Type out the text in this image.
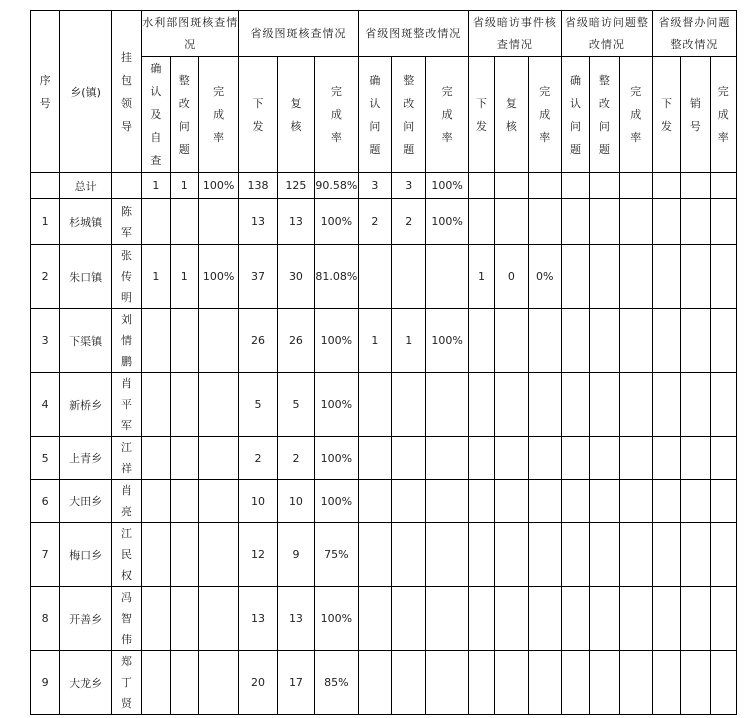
序
号	乡(镇)	挂
包
领
导	水利部图斑核查情况			省级图斑核查情况			省级图斑整改情况			省级暗访事件核查情况			省级暗访问题整改情况			省级督办问题 整改情况		
			确
认
及
自
查	整
改
问
题	完
成
率	下
发	复
核	完
成
率	确
认
问
题	整
改
问
题	完
成
率	下
发	复
核	完
成
率	确
认
问
题	整
改
问
题	完
成
率	下
发	销
号	完
成
率
	总计		1	1	100%	138	125	90.58%	3	3	100%									
1	杉城镇	陈
军				13	13	100%	2	2	100%									
2	朱口镇	张
传
明	1	1	100%	37	30	81.08%				1	0	0%						
3	下渠镇	刘
情
鹏				26	26	100%	1	1	100%									
4	新桥乡	肖
平
军				5	5	100%												
5	上青乡	江
祥				2	2	100%												
6	大田乡	肖
亮				10	10	100%												
7	梅口乡	江
民
权				12	9	75%												
8	开善乡	冯
智
伟				13	13	100%												
9	大龙乡	郑
丁
贤				20	17	85%												
